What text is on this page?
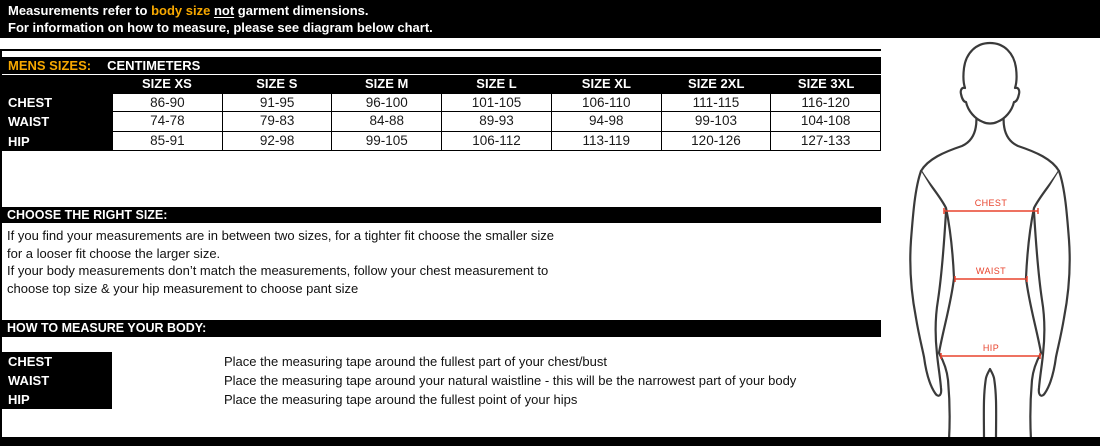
Measurements refer to body size not garment dimensions.
For information on how to measure, please see diagram below chart.
MENS SIZES: CENTIMETERS
SIZE XS	SIZE S	SIZE M	SIZE L	SIZE XL	SIZE 2XL	SIZE 3XL
CHEST	86-90	91-95	96-100	101-105	106-110	111-115	116-120
WAIST	74-78	79-83	84-88	89-93	94-98	99-103	104-108
HIP	85-91	92-98	99-105	106-112	113-119	120-126	127-133
CHOOSE THE RIGHT SIZE:
If you find your measurements are in between two sizes, for a tighter fit choose the smaller size
for a looser fit choose the larger size.
If your body measurements don’t match the measurements, follow your chest measurement to
choose top size & your hip measurement to choose pant size
HOW TO MEASURE YOUR BODY:
CHEST	Place the measuring tape around the fullest part of your chest/bust
WAIST	Place the measuring tape around your natural waistline - this will be the narrowest part of your body
HIP	Place the measuring tape around the fullest point of your hips
CHEST
WAIST
HIP
